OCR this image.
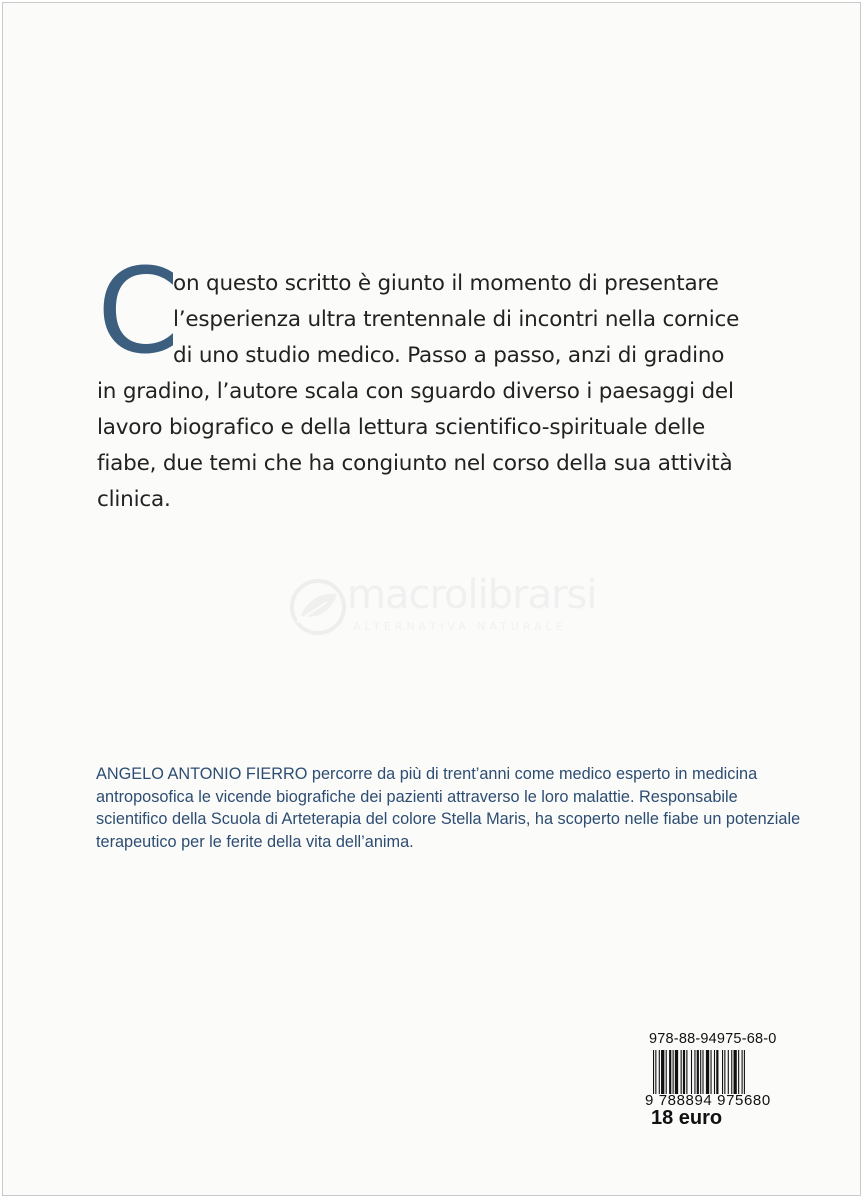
C
on questo scritto è giunto il momento di presentare
l’esperienza ultra trentennale di incontri nella cornice
di uno studio medico. Passo a passo, anzi di gradino
in gradino, l’autore scala con sguardo diverso i paesaggi del
lavoro biografico e della lettura scientifico-spirituale delle
fiabe, due temi che ha congiunto nel corso della sua attività
clinica.
macrolibrarsi
ALTERNATIVA NATURALE
ANGELO ANTONIO FIERRO percorre da più di trent’anni come medico esperto in medicina
antroposofica le vicende biografiche dei pazienti attraverso le loro malattie. Responsabile
scientifico della Scuola di Arteterapia del colore Stella Maris, ha scoperto nelle fiabe un potenziale
terapeutico per le ferite della vita dell’anima.
978-88-94975-68-0
9 788894 975680
18 euro
